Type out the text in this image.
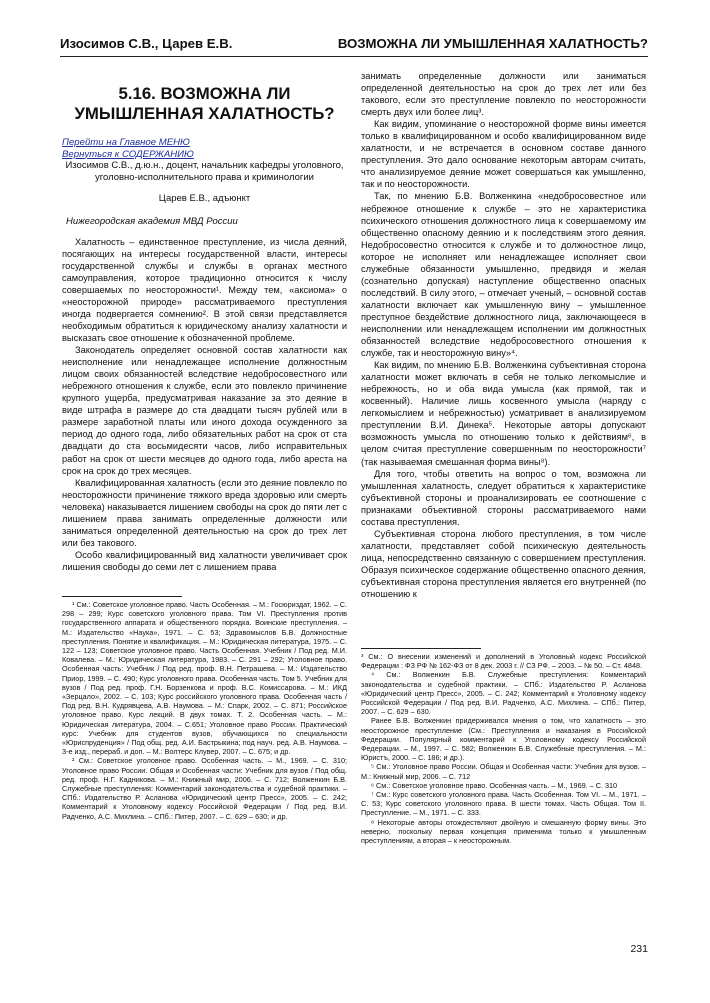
Изосимов С.В., Царев Е.В.	ВОЗМОЖНА ЛИ УМЫШЛЕННАЯ ХАЛАТНОСТЬ?
5.16. ВОЗМОЖНА ЛИ УМЫШЛЕННАЯ ХАЛАТНОСТЬ?
Перейти на Главное МЕНЮ
Вернуться к СОДЕРЖАНИЮ
Изосимов С.В., д.ю.н., доцент, начальник кафедры уголовного, уголовно-исполнительного права и криминологии
Царев Е.В., адъюнкт
Нижегородская академия МВД России

Халатность – единственное преступление, из числа деяний, посягающих на интересы государственной власти, интересы государственной службы и службы в органах местного самоуправления, которое традиционно относится к числу совершаемых по неосторожности¹. Между тем, «аксиома» о «неосторожной природе» рассматриваемого преступления иногда подвергается сомнению². В этой связи представляется необходимым обратиться к юридическому анализу халатности и высказать свое отношение к обозначенной проблеме.

Законодатель определяет основной состав халатности как неисполнение или ненадлежащее исполнение должностным лицом своих обязанностей вследствие недобросовестного или небрежного отношения к службе, если это повлекло причинение крупного ущерба, предусматривая наказание за это деяние в виде штрафа в размере до ста двадцати тысяч рублей или в размере заработной платы или иного дохода осужденного за период до одного года, либо обязательных работ на срок от ста двадцати до ста восьмидесяти часов, либо исправительных работ на срок от шести месяцев до одного года, либо ареста на срок на срок до трех месяцев.

Квалифицированная халатность (если это деяние повлекло по неосторожности причинение тяжкого вреда здоровью или смерть человека) наказывается лишением свободы на срок до пяти лет с лишением права занимать определенные должности или заниматься определенной деятельностью на срок до трех лет или без такового.

Особо квалифицированный вид халатности увеличивает срок лишения свободы до семи лет с лишением права

¹ См.: Советское уголовное право. Часть Особенная. – М.: Госюриздат, 1962. – С. 298 – 299; Курс советского уголовного права. Том VI. Преступления против государственного аппарата и общественного порядка. Воинские преступления. – М.: Издательство «Наука», 1971. – С. 53; Здравомыслов Б.В. Должностные преступления. Понятие и квалификация. – М.: Юридическая литература, 1975. – С. 122 – 123; Советское уголовное право. Часть Особенная. Учебник / Под ред. М.И. Ковалева. – М.: Юридическая литература, 1983. – С. 291 – 292; Уголовное право. Особенная часть: Учебник / Под ред. проф. В.Н. Петрашева. – М.: Издательство Приор, 1999. – С. 490; Курс уголовного права. Особенная часть. Том 5. Учебник для вузов / Под ред. проф. Г.Н. Борзенкова и проф. В.С. Комиссарова. – М.: ИКД «Зерцало», 2002. – С. 103; Курс российского уголовного права. Особенная часть / Под ред. В.Н. Кудрявцева, А.В. Наумова. – М.: Спарк, 2002. – С. 871; Российское уголовное право. Курс лекций. В двух томах. Т. 2. Особенная часть. – М.: Юридическая литература, 2004. – С.651; Уголовное право России. Практический курс: Учебник для студентов вузов, обучающихся по специальности «Юриспруденция» / Под общ. ред. А.И. Бастрыкина; под науч. ред. А.В. Наумова. – 3-е изд., перераб. и доп. – М.: Волтерс Клувер, 2007. – С. 675; и др.
² См.: Советское уголовное право. Особенная часть. – М., 1969. – С. 310; Уголовное право России. Общая и Особенная части: Учебник для вузов / Под общ. ред. проф. Н.Г. Кадникова. – М.: Книжный мир, 2006. – С. 712; Волженкин Б.В. Служебные преступления: Комментарий законодательства и судебной практики. – СПб.: Издательство Р. Асланова «Юридический центр Пресс», 2005. – С. 242; Комментарий к Уголовному кодексу Российской Федерации / Под ред. В.И. Радченко, А.С. Михлина. – СПб.: Питер, 2007. – С. 629 – 630; и др.

занимать определенные должности или заниматься определенной деятельностью на срок до трех лет или без такового, если это преступление повлекло по неосторожности смерть двух или более лиц³.

Как видим, упоминание о неосторожной форме вины имеется только в квалифицированном и особо квалифицированном виде халатности, и не встречается в основном составе данного преступления. Это дало основание некоторым авторам считать, что анализируемое деяние может совершаться как умышленно, так и по неосторожности.

Так, по мнению Б.В. Волженкина «недобросовестное или небрежное отношение к службе – это не характеристика психического отношения должностного лица к совершаемому им общественно опасному деянию и к последствиям этого деяния. Недобросовестно относится к службе и то должностное лицо, которое не исполняет или ненадлежащее исполняет свои служебные обязанности умышленно, предвидя и желая (сознательно допуская) наступление общественно опасных последствий. В силу этого, – отмечает ученый, – основной состав халатности включает как умышленную вину – умышленное преступное бездействие должностного лица, заключающееся в неисполнении или ненадлежащем исполнении им должностных обязанностей вследствие недобросовестного отношения к службе, так и неосторожную вину»⁴.

Как видим, по мнению Б.В. Волженкина субъективная сторона халатности может включать в себя не только легкомыслие и небрежность, но и оба вида умысла (как прямой, так и косвенный). Наличие лишь косвенного умысла (наряду с легкомыслием и небрежностью) усматривает в анализируемом преступлении В.И. Динека⁵. Некоторые авторы допускают возможность умысла по отношению только к действиям⁶, в целом считая преступление совершенным по неосторожности⁷ (так называемая смешанная форма вины⁸).

Для того, чтобы ответить на вопрос о том, возможна ли умышленная халатность, следует обратиться к характеристике субъективной стороны и проанализировать ее соотношение с признаками объективной стороны рассматриваемого нами состава преступления.

Субъективная сторона любого преступления, в том числе халатности, представляет собой психическую деятельность лица, непосредственно связанную с совершением преступления. Образуя психическое содержание общественно опасного деяния, субъективная сторона преступления является его внутренней (по отношению к

³ См.: О внесении изменений и дополнений в Уголовный кодекс Российской Федерации : ФЗ РФ № 162-ФЗ от 8 дек. 2003 г. // СЗ РФ. – 2003. – № 50. – Ст. 4848.
⁴ См.: Волженкин Б.В. Служебные преступления: Комментарий законодательства и судебной практики. – СПб.: Издательство Р. Асланова «Юридический центр Пресс», 2005. – С. 242; Комментарий к Уголовному кодексу Российской Федерации / Под ред. В.И. Радченко, А.С. Михлина. – СПб.: Питер, 2007. – С. 629 – 630.
Ранее Б.В. Волженкин придерживался мнения о том, что халатность – это неосторожное преступление (См.: Преступления и наказания в Российской Федерации. Популярный комментарий к Уголовному кодексу Российской Федерации. – М., 1997. – С. 582; Волженкин Б.В. Служебные преступления. – М.: Юристъ, 2000. – С. 186; и др.).
⁵ См.: Уголовное право России. Общая и Особенная части: Учебник для вузов. – М.: Книжный мир, 2006. – С. 712
⁶ См.: Советское уголовное право. Особенная часть. – М., 1969. – С. 310
⁷ См.: Курс советского уголовного права. Часть Особенная. Том VI. – М., 1971. – С. 53; Курс советского уголовного права. В шести томах. Часть Общая. Том II. Преступление. – М., 1971. – С. 333.
⁸ Некоторые авторы отождествляют двойную и смешанную форму вины. Это неверно, поскольку первая концепция применима только к умышленным преступлениям, а вторая – к неосторожным.
231
